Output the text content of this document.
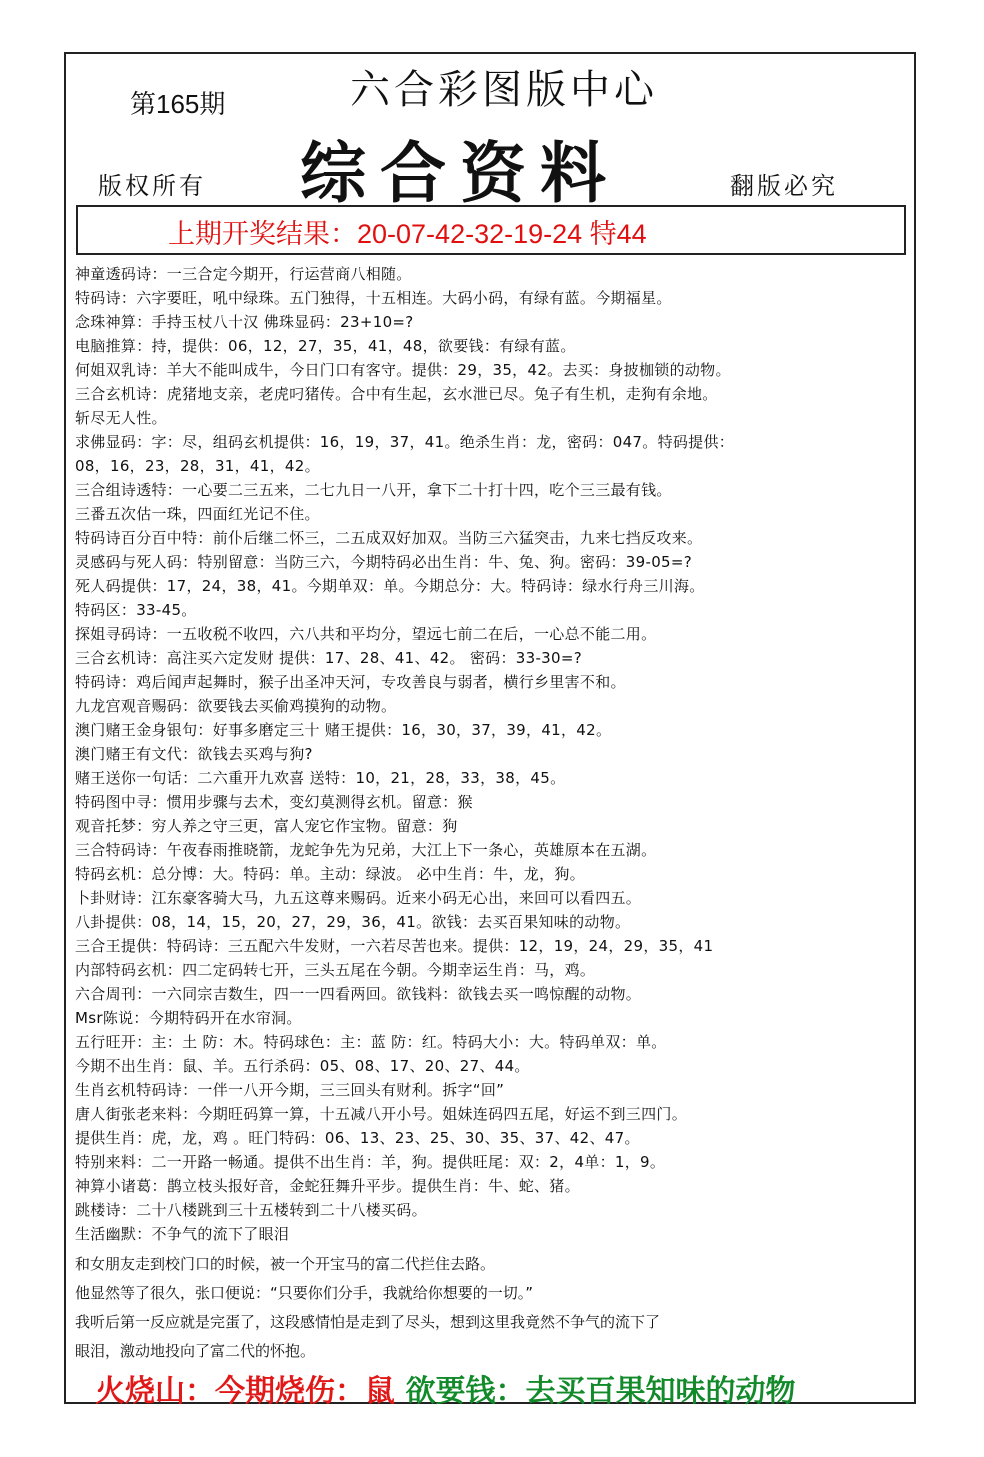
第165期	六合彩图版中心
综合资料
版权所有	翻版必究
上期开奖结果：20-07-42-32-19-24 特44
神童透码诗：一三合定今期开，行运营商八相随。
特码诗：六字要旺，吼中绿珠。五门独得，十五相连。大码小码，有绿有蓝。今期福星。
念珠神算：手持玉杖八十汉 佛珠显码：23+10=?
电脑推算：持，提供：06，12，27，35，41，48，欲要钱：有绿有蓝。
何姐双乳诗：羊大不能叫成牛，今日门口有客守。提供：29，35，42。去买：身披枷锁的动物。
三合玄机诗：虎猪地支亲，老虎叼猪传。合中有生起，玄水泄已尽。兔子有生机，走狗有余地。
斩尽无人性。
求佛显码：字：尽，组码玄机提供：16，19，37，41。绝杀生肖：龙，密码：047。特码提供：
08，16，23，28，31，41，42。
三合组诗透特：一心要二三五来，二七九日一八开，拿下二十打十四，吃个三三最有钱。
三番五次估一珠，四面红光记不住。
特码诗百分百中特：前仆后继二怀三，二五成双好加双。当防三六猛突击，九来七挡反攻来。
灵感码与死人码：特别留意：当防三六，今期特码必出生肖：牛、兔、狗。密码：39-05=?
死人码提供：17，24，38，41。今期单双：单。今期总分：大。特码诗：绿水行舟三川海。
特码区：33-45。
探姐寻码诗：一五收税不收四，六八共和平均分，望远七前二在后，一心总不能二用。
三合玄机诗：高注买六定发财 提供：17、28、41、42。 密码：33-30=?
特码诗：鸡后闻声起舞时，猴子出圣冲天河，专攻善良与弱者，横行乡里害不和。
九龙宫观音赐码：欲要钱去买偷鸡摸狗的动物。
澳门赌王金身银句：好事多磨定三十 赌王提供：16，30，37，39，41，42。
澳门赌王有文代：欲钱去买鸡与狗?
赌王送你一句话：二六重开九欢喜 送特：10，21，28，33，38，45。
特码图中寻：惯用步骤与去术，变幻莫测得玄机。留意：猴
观音托梦：穷人养之守三更，富人宠它作宝物。留意：狗
三合特码诗：午夜春雨推晓箭，龙蛇争先为兄弟，大江上下一条心，英雄原本在五湖。
特码玄机：总分博：大。特码：单。主动：绿波。 必中生肖：牛，龙，狗。
卜卦财诗：江东豪客骑大马，九五这尊来赐码。近来小码无心出，来回可以看四五。
八卦提供：08，14，15，20，27，29，36，41。欲钱：去买百果知味的动物。
三合王提供：特码诗：三五配六牛发财，一六若尽苦也来。提供：12，19，24，29，35，41
内部特码玄机：四二定码转七开，三头五尾在今朝。今期幸运生肖：马，鸡。
六合周刊：一六同宗吉数生，四一一四看两回。欲钱料：欲钱去买一鸣惊醒的动物。
Msr陈说：今期特码开在水帘洞。
五行旺开：主：土 防：木。特码球色：主：蓝 防：红。特码大小：大。特码单双：单。
今期不出生肖：鼠、羊。五行杀码：05、08、17、20、27、44。
生肖玄机特码诗：一伴一八开今期，三三回头有财利。拆字“回”
唐人街张老来料：今期旺码算一算，十五减八开小号。姐妹连码四五尾，好运不到三四门。
提供生肖：虎，龙，鸡 。旺门特码：06、13、23、25、30、35、37、42、47。
特别来料：二一开路一畅通。提供不出生肖：羊，狗。提供旺尾：双：2，4单：1，9。
神算小诸葛：鹊立枝头报好音，金蛇狂舞升平步。提供生肖：牛、蛇、猪。
跳楼诗：二十八楼跳到三十五楼转到二十八楼买码。
生活幽默：不争气的流下了眼泪
和女朋友走到校门口的时候，被一个开宝马的富二代拦住去路。
他显然等了很久，张口便说：“只要你们分手，我就给你想要的一切。”
我听后第一反应就是完蛋了，这段感情怕是走到了尽头，想到这里我竟然不争气的流下了
眼泪，激动地投向了富二代的怀抱。
火烧山：今期烧伤：鼠 欲要钱：去买百果知味的动物
